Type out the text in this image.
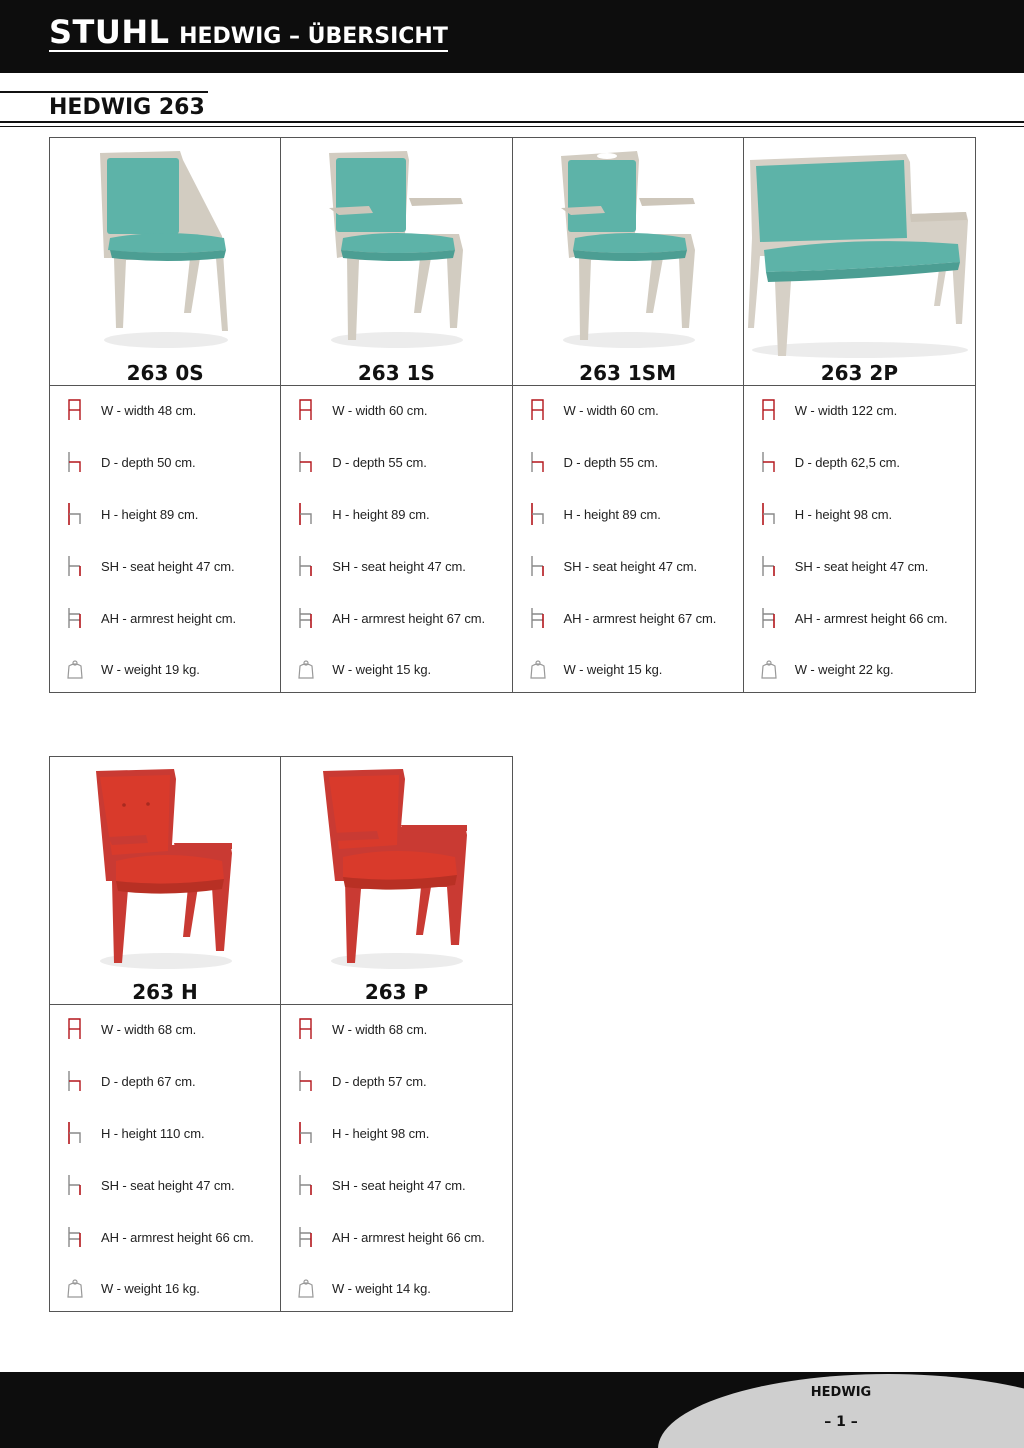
STUHL HEDWIG – ÜBERSICHT
HEDWIG 263
263 0S
W - width 48 cm.
D - depth 50 cm.
H - height 89 cm.
SH - seat height 47 cm.
AH - armrest height cm.
W - weight 19 kg.
263 1S
W - width 60 cm.
D - depth 55 cm.
H - height 89 cm.
SH - seat height 47 cm.
AH - armrest height 67 cm.
W - weight 15 kg.
263 1SM
W - width 60 cm.
D - depth 55 cm.
H - height 89 cm.
SH - seat height 47 cm.
AH - armrest height 67 cm.
W - weight 15 kg.
263 2P
W - width 122 cm.
D - depth 62,5 cm.
H - height 98 cm.
SH - seat height 47 cm.
AH - armrest height 66 cm.
W - weight 22 kg.
263 H
W - width 68 cm.
D - depth 67 cm.
H - height 110 cm.
SH - seat height 47 cm.
AH - armrest height 66 cm.
W - weight 16 kg.
263 P
W - width 68 cm.
D - depth 57 cm.
H - height 98 cm.
SH - seat height 47 cm.
AH - armrest height 66 cm.
W - weight 14 kg.
HEDWIG
– 1 –
